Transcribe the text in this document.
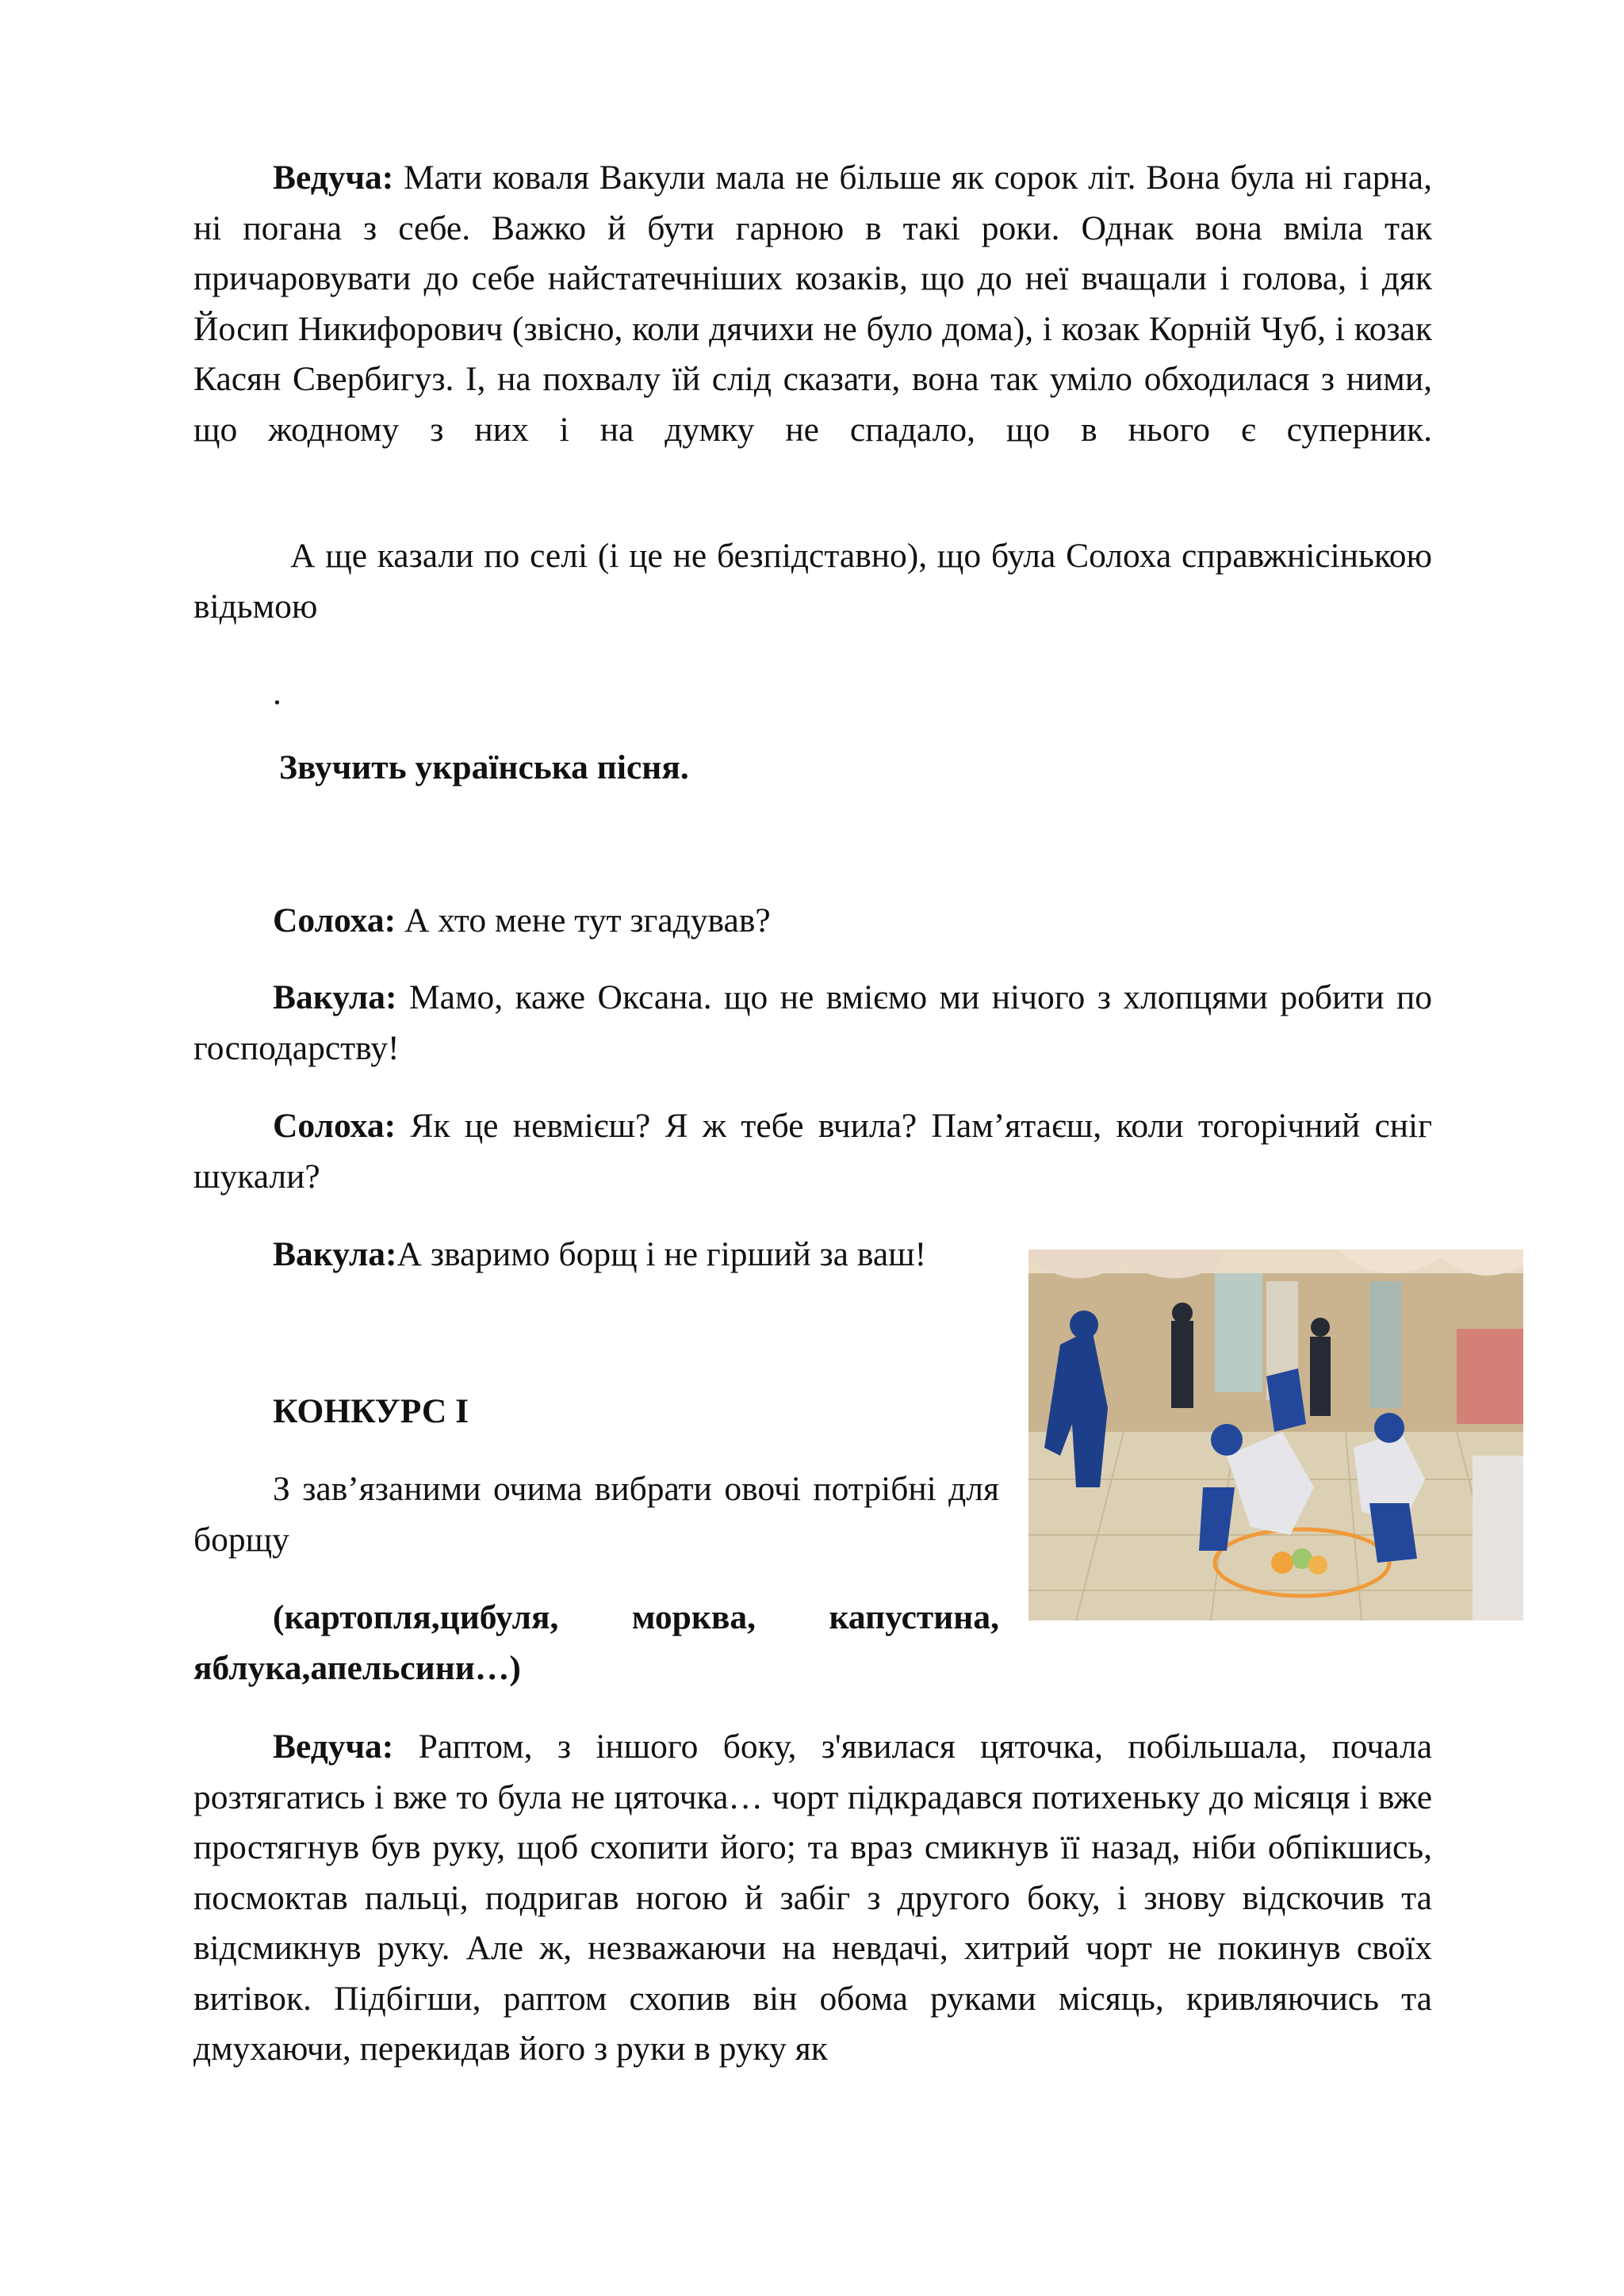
Ведуча: Мати коваля Вакули мала не більше як сорок літ. Вона була ні гарна, ні погана з себе. Важко й бути гарною в такі роки. Однак вона вміла так причаровувати до себе найстатечніших козаків, що до неї вчащали і голова, і дяк Йосип Никифорович (звісно, коли дячихи не було дома), і козак Корній Чуб, і козак Касян Свербигуз. І, на похвалу їй слід сказати, вона так уміло обходилася з ними, що жодному з них і на думку не спадало, що в нього є суперник.

А ще казали по селі (і це не безпідставно), що була Солоха справжнісінькою відьмою

.

Звучить українська пісня.

Солоха: А хто мене тут згадував?

Вакула: Мамо, каже Оксана. що не вміємо ми нічого з хлопцями робити по господарству!

Солоха: Як це невмієш? Я ж тебе вчила? Пам’ятаєш, коли тогорічний сніг шукали?

Вакула:А зваримо борщ і не гірший за ваш!

КОНКУРС І

З зав’язаними очима вибрати овочі потрібні для борщу

(картопля,цибуля, морква, капустина, яблука,апельсини…)

Ведуча: Раптом, з іншого боку, з'явилася цяточка, побільшала, почала розтягатись і вже то була не цяточка… чорт підкрадався потихеньку до місяця і вже простягнув був руку, щоб схопити його; та враз смикнув її назад, ніби обпікшись, посмоктав пальці, подригав ногою й забіг з другого боку, і знову відскочив та відсмикнув руку. Але ж, незважаючи на невдачі, хитрий чорт не покинув своїх витівок. Підбігши, раптом схопив він обома руками місяць, кривляючись та дмухаючи, перекидав його з руки в руку як
